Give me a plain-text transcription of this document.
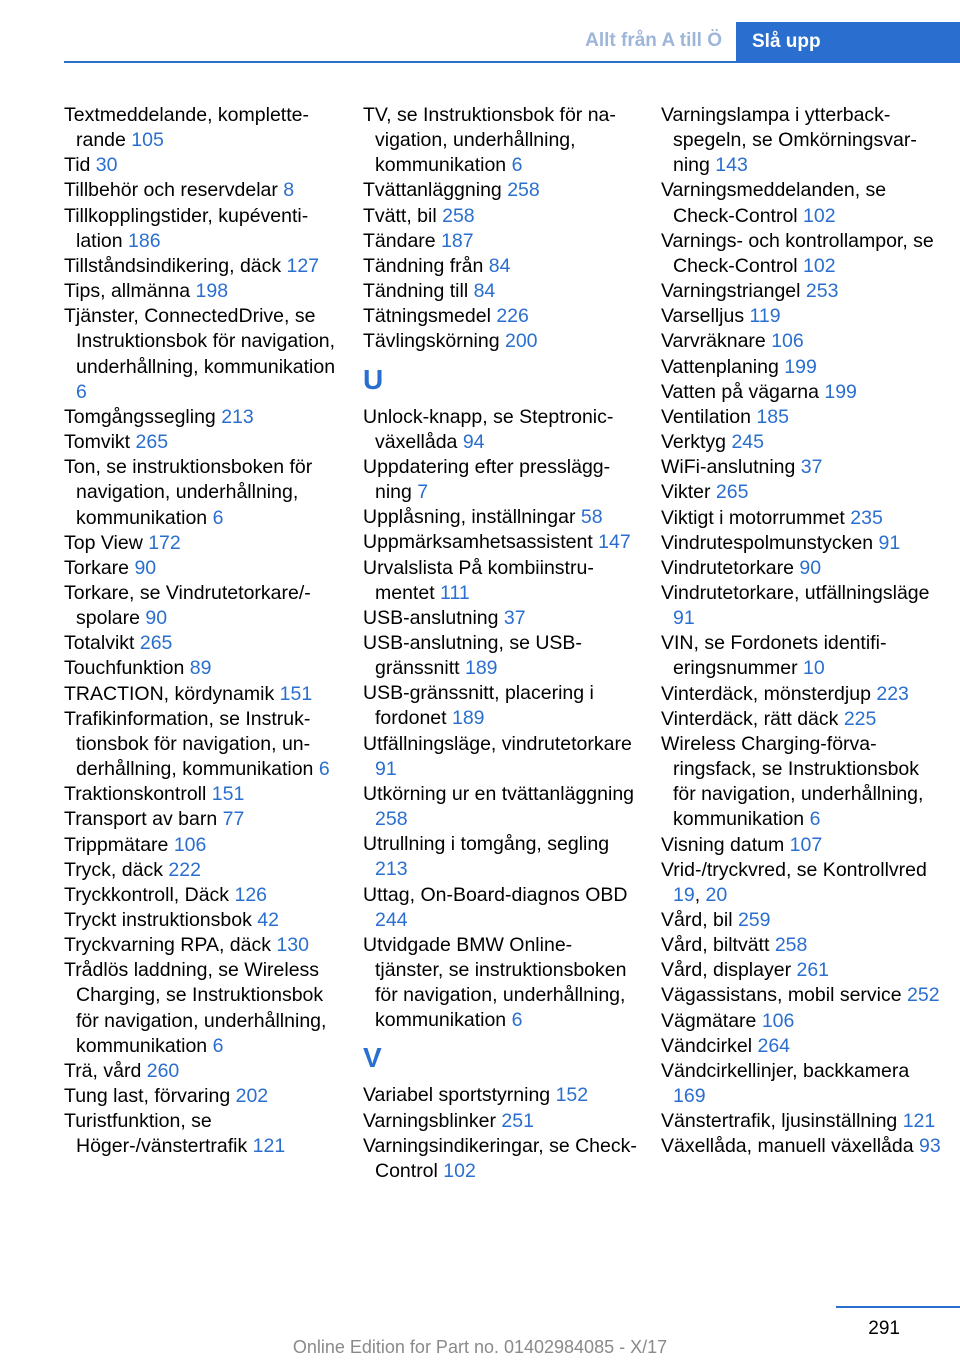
Allt från A till Ö	Slå upp
Textmeddelande, kompletterande 105
Tid 30
Tillbehör och reservdelar 8
Tillkopplingstider, kupéventilation 186
Tillståndsindikering, däck 127
Tips, allmänna 198
Tjänster, ConnectedDrive, se Instruktionsbok för navigation, underhållning, kommunikation 6
Tomgångssegling 213
Tomvikt 265
Ton, se instruktionsboken för navigation, underhållning, kommunikation 6
Top View 172
Torkare 90
Torkare, se Vindrutetorkare/-spolare 90
Totalvikt 265
Touchfunktion 89
TRACTION, kördynamik 151
Trafikinformation, se Instruktionsbok för navigation, underhållning, kommunikation 6
Traktionskontroll 151
Transport av barn 77
Trippmätare 106
Tryck, däck 222
Tryckkontroll, Däck 126
Tryckt instruktionsbok 42
Tryckvarning RPA, däck 130
Trådlös laddning, se Wireless Charging, se Instruktionsbok för navigation, underhållning, kommunikation 6
Trä, vård 260
Tung last, förvaring 202
Turistfunktion, se Höger-/vänstertrafik 121
TV, se Instruktionsbok för navigation, underhållning, kommunikation 6
Tvättanläggning 258
Tvätt, bil 258
Tändare 187
Tändning från 84
Tändning till 84
Tätningsmedel 226
Tävlingskörning 200
U
Unlock-knapp, se Steptronic-växellåda 94
Uppdatering efter pressläggning 7
Upplåsning, inställningar 58
Uppmärksamhetsassistent 147
Urvalslista På kombiinstrumentet 111
USB-anslutning 37
USB-anslutning, se USB-gränssnitt 189
USB-gränssnitt, placering i fordonet 189
Utfällningsläge, vindrutetorkare 91
Utkörning ur en tvättanläggning 258
Utrullning i tomgång, segling 213
Uttag, On-Board-diagnos OBD 244
Utvidgade BMW Online-tjänster, se instruktionsboken för navigation, underhållning, kommunikation 6
V
Variabel sportstyrning 152
Varningsblinker 251
Varningsindikeringar, se Check-Control 102
Varningslampa i ytterbackspegeln, se Omkörningsvarning 143
Varningsmeddelanden, se Check-Control 102
Varnings- och kontrollampor, se Check-Control 102
Varningstriangel 253
Varselljus 119
Varvräknare 106
Vattenplaning 199
Vatten på vägarna 199
Ventilation 185
Verktyg 245
WiFi-anslutning 37
Vikter 265
Viktigt i motorrummet 235
Vindrutespolmunstycken 91
Vindrutetorkare 90
Vindrutetorkare, utfällningsläge 91
VIN, se Fordonets identifieringsnummer 10
Vinterdäck, mönsterdjup 223
Vinterdäck, rätt däck 225
Wireless Charging-förvaringsfack, se Instruktionsbok för navigation, underhållning, kommunikation 6
Visning datum 107
Vrid-/tryckvred, se Kontrollvred 19, 20
Vård, bil 259
Vård, biltvätt 258
Vård, displayer 261
Vägassistans, mobil service 252
Vägmätare 106
Vändcirkel 264
Vändcirkellinjer, backkamera 169
Vänstertrafik, ljusinställning 121
Växellåda, manuell växellåda 93
291
Online Edition for Part no. 01402984085 - X/17
